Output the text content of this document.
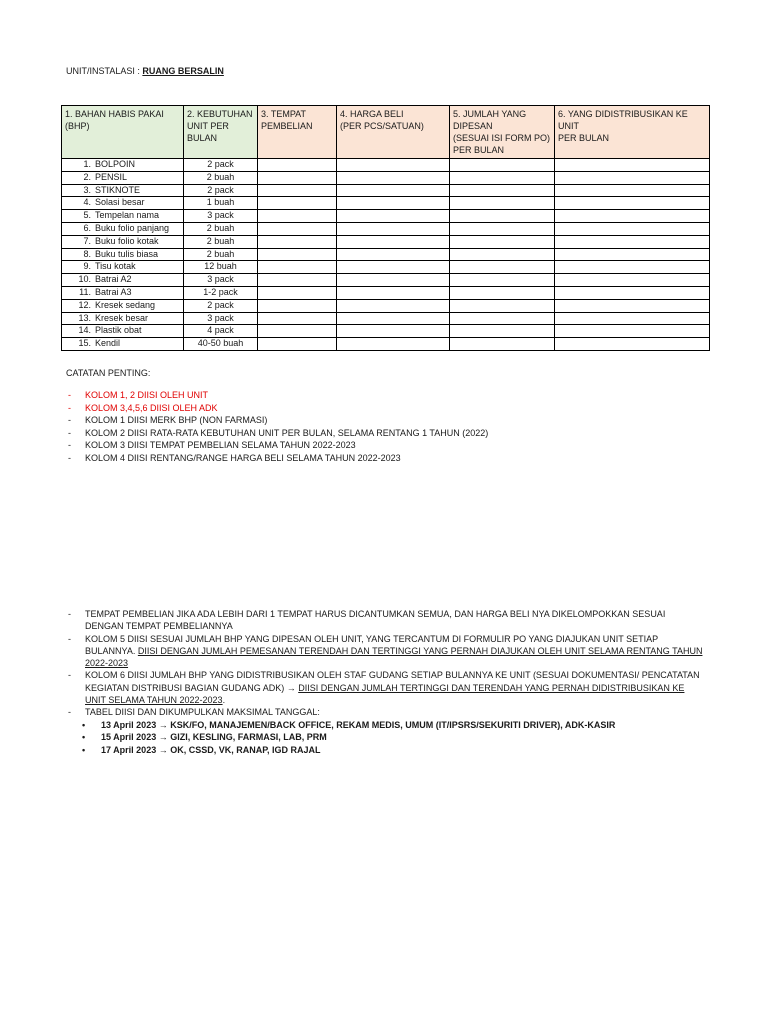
UNIT/INSTALASI : RUANG BERSALIN
1. BAHAN HABIS PAKAI
(BHP)	2. KEBUTUHAN
UNIT PER
BULAN	3. TEMPAT
PEMBELIAN	4. HARGA BELI
(PER PCS/SATUAN)	5. JUMLAH YANG
DIPESAN
(SESUAI ISI FORM PO)
PER BULAN	6. YANG DIDISTRIBUSIKAN KE UNIT
PER BULAN

1. BOLPOIN	2 pack				
2. PENSIL	2 buah				
3. STIKNOTE	2 pack				
4. Solasi besar	1 buah				
5. Tempelan nama	3 pack				
6. Buku folio panjang	2 buah				
7. Buku folio kotak	2 buah				
8. Buku tulis biasa	2 buah				
9. Tisu kotak	12 buah				
10. Batrai A2	3 pack				
11. Batrai A3	1-2 pack				
12. Kresek sedang	2 pack				
13. Kresek besar	3 pack				
14. Plastik obat	4 pack				
15. Kendil	40-50 buah				
CATATAN PENTING:
- KOLOM 1, 2 DIISI OLEH UNIT
- KOLOM 3,4,5,6 DIISI OLEH ADK
- KOLOM 1 DIISI MERK BHP (NON FARMASI)
- KOLOM 2 DIISI RATA-RATA KEBUTUHAN UNIT PER BULAN, SELAMA RENTANG 1 TAHUN (2022)
- KOLOM 3 DIISI TEMPAT PEMBELIAN SELAMA TAHUN 2022-2023
- KOLOM 4 DIISI RENTANG/RANGE HARGA BELI SELAMA TAHUN 2022-2023
- TEMPAT PEMBELIAN JIKA ADA LEBIH DARI 1 TEMPAT HARUS DICANTUMKAN SEMUA, DAN HARGA BELI NYA DIKELOMPOKKAN SESUAI DENGAN TEMPAT PEMBELIANNYA
- KOLOM 5 DIISI SESUAI JUMLAH BHP YANG DIPESAN OLEH UNIT, YANG TERCANTUM DI FORMULIR PO YANG DIAJUKAN UNIT SETIAP BULANNYA. DIISI DENGAN JUMLAH PEMESANAN TERENDAH DAN TERTINGGI YANG PERNAH DIAJUKAN OLEH UNIT SELAMA RENTANG TAHUN 2022-2023
- KOLOM 6 DIISI JUMLAH BHP YANG DIDISTRIBUSIKAN OLEH STAF GUDANG SETIAP BULANNYA KE UNIT (SESUAI DOKUMENTASI/ PENCATATAN KEGIATAN DISTRIBUSI BAGIAN GUDANG ADK) → DIISI DENGAN JUMLAH TERTINGGI DAN TERENDAH YANG PERNAH DIDISTRIBUSIKAN KE UNIT SELAMA TAHUN 2022-2023.
- TABEL DIISI DAN DIKUMPULKAN MAKSIMAL TANGGAL:
• 13 April 2023 → KSK/FO, MANAJEMEN/BACK OFFICE, REKAM MEDIS, UMUM (IT/IPSRS/SEKURITI DRIVER), ADK-KASIR
• 15 April 2023 → GIZI, KESLING, FARMASI, LAB, PRM
• 17 April 2023 → OK, CSSD, VK, RANAP, IGD RAJAL
